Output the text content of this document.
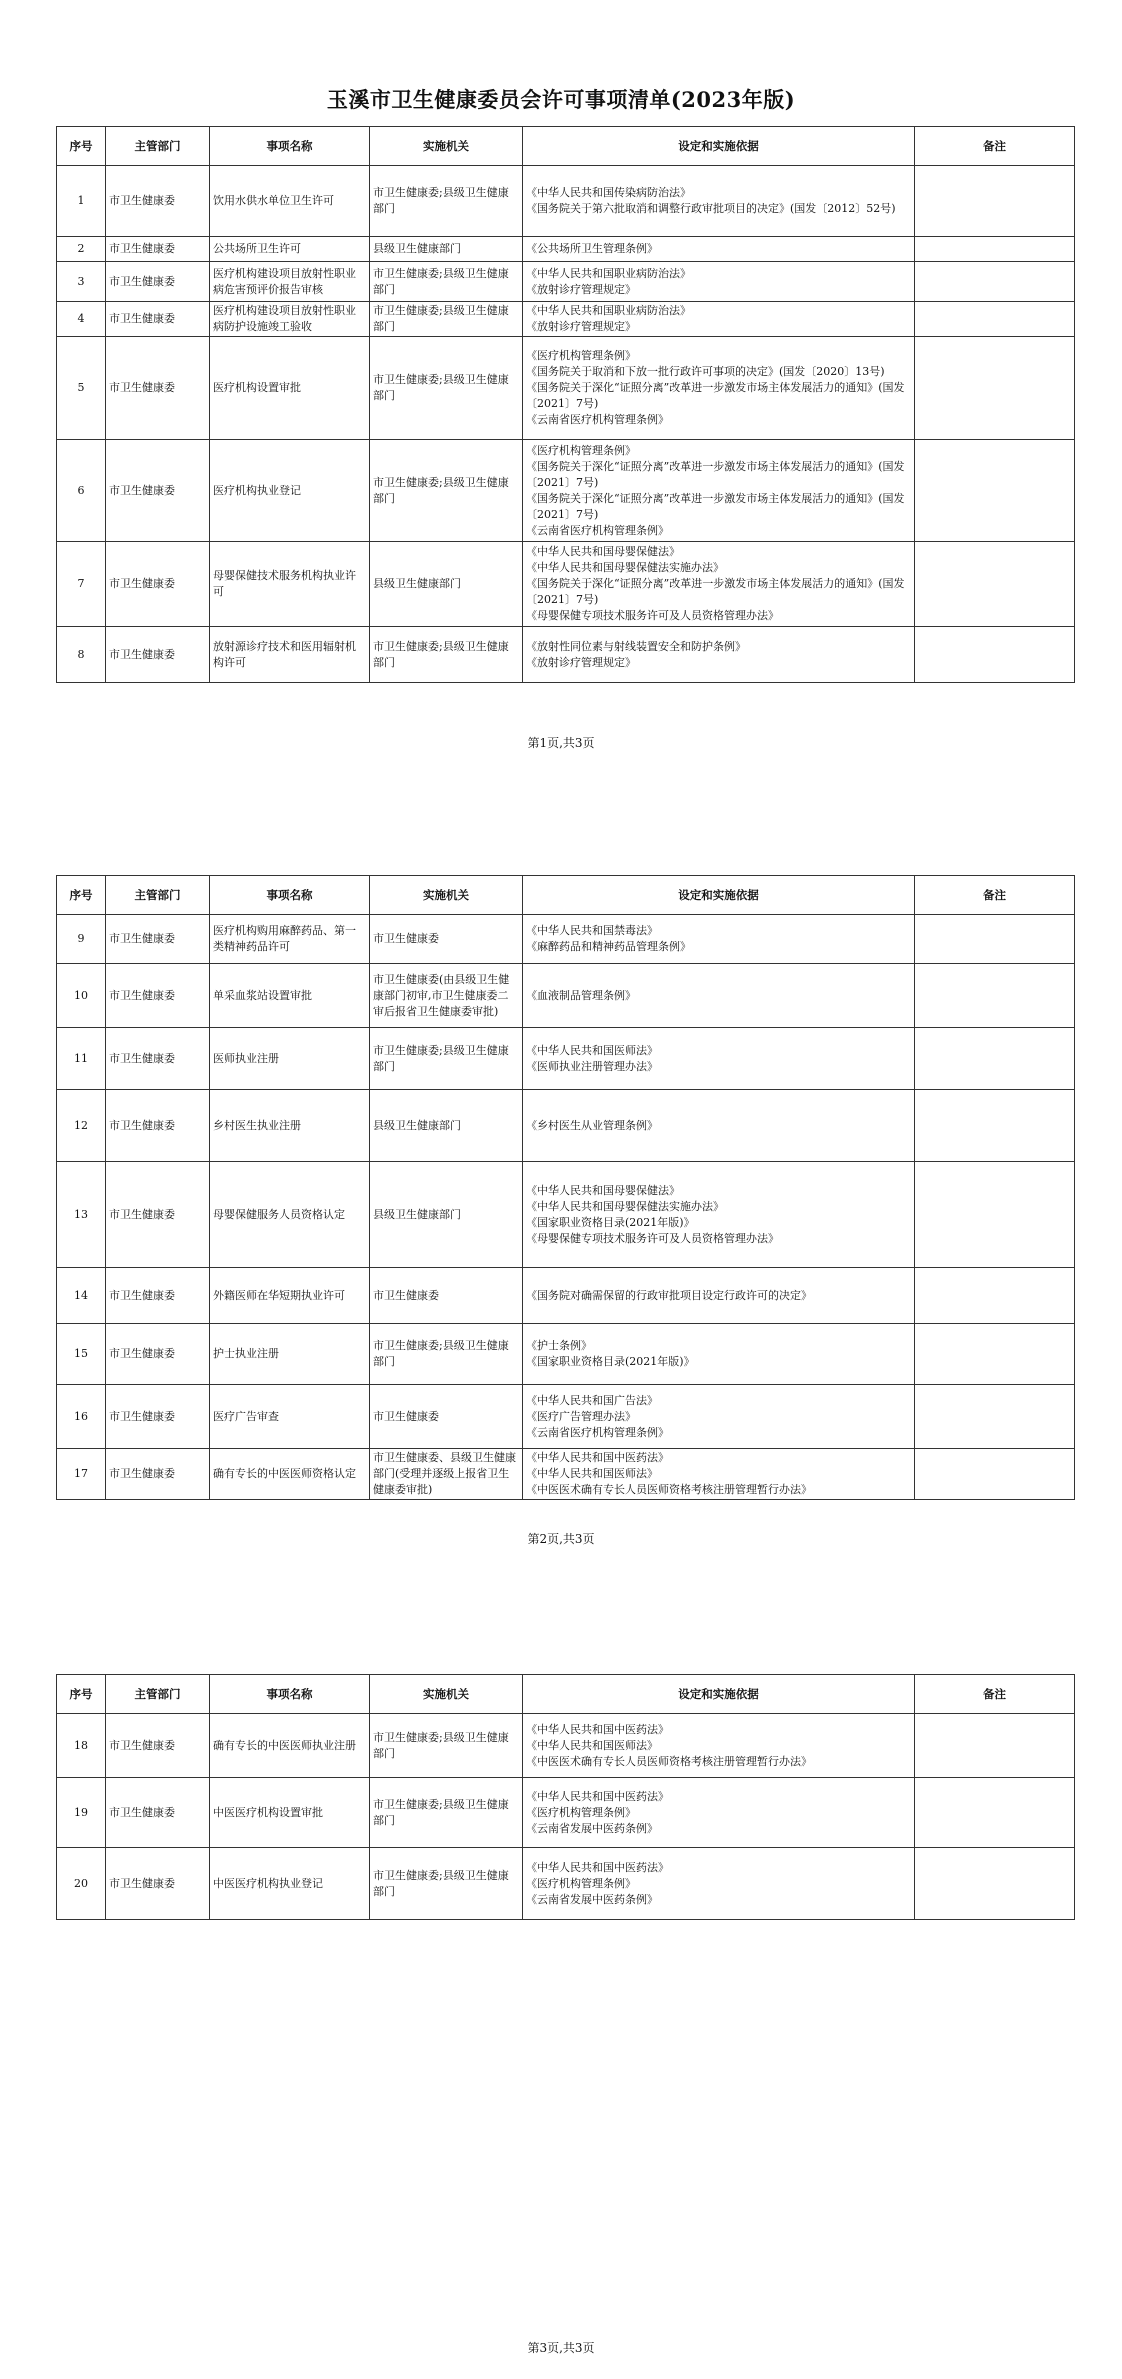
玉溪市卫生健康委员会许可事项清单(2023年版)
序号	主管部门	事项名称	实施机关	设定和实施依据	备注
1	市卫生健康委	饮用水供水单位卫生许可	市卫生健康委;县级卫生健康部门	《中华人民共和国传染病防治法》
《国务院关于第六批取消和调整行政审批项目的决定》(国发〔2012〕52号)	

2	市卫生健康委	公共场所卫生许可	县级卫生健康部门	《公共场所卫生管理条例》	

3	市卫生健康委	医疗机构建设项目放射性职业病危害预评价报告审核	市卫生健康委;县级卫生健康部门	《中华人民共和国职业病防治法》
《放射诊疗管理规定》	

4	市卫生健康委	医疗机构建设项目放射性职业病防护设施竣工验收	市卫生健康委;县级卫生健康部门	《中华人民共和国职业病防治法》
《放射诊疗管理规定》	

5	市卫生健康委	医疗机构设置审批	市卫生健康委;县级卫生健康部门	《医疗机构管理条例》
《国务院关于取消和下放一批行政许可事项的决定》(国发〔2020〕13号)
《国务院关于深化“证照分离”改革进一步激发市场主体发展活力的通知》(国发〔2021〕7号)
《云南省医疗机构管理条例》	

6	市卫生健康委	医疗机构执业登记	市卫生健康委;县级卫生健康部门	《医疗机构管理条例》
《国务院关于深化“证照分离”改革进一步激发市场主体发展活力的通知》(国发〔2021〕7号)
《国务院关于深化“证照分离”改革进一步激发市场主体发展活力的通知》(国发〔2021〕7号)
《云南省医疗机构管理条例》	

7	市卫生健康委	母婴保健技术服务机构执业许可	县级卫生健康部门	《中华人民共和国母婴保健法》
《中华人民共和国母婴保健法实施办法》
《国务院关于深化“证照分离”改革进一步激发市场主体发展活力的通知》(国发〔2021〕7号)
《母婴保健专项技术服务许可及人员资格管理办法》	

8	市卫生健康委	放射源诊疗技术和医用辐射机构许可	市卫生健康委;县级卫生健康部门	《放射性同位素与射线装置安全和防护条例》
《放射诊疗管理规定》	

第1页,共3页
序号	主管部门	事项名称	实施机关	设定和实施依据	备注
9	市卫生健康委	医疗机构购用麻醉药品、第一类精神药品许可	市卫生健康委	《中华人民共和国禁毒法》
《麻醉药品和精神药品管理条例》	

10	市卫生健康委	单采血浆站设置审批	市卫生健康委(由县级卫生健康部门初审,市卫生健康委二审后报省卫生健康委审批)	《血液制品管理条例》	

11	市卫生健康委	医师执业注册	市卫生健康委;县级卫生健康部门	《中华人民共和国医师法》
《医师执业注册管理办法》	

12	市卫生健康委	乡村医生执业注册	县级卫生健康部门	《乡村医生从业管理条例》	

13	市卫生健康委	母婴保健服务人员资格认定	县级卫生健康部门	《中华人民共和国母婴保健法》
《中华人民共和国母婴保健法实施办法》
《国家职业资格目录(2021年版)》
《母婴保健专项技术服务许可及人员资格管理办法》	

14	市卫生健康委	外籍医师在华短期执业许可	市卫生健康委	《国务院对确需保留的行政审批项目设定行政许可的决定》	

15	市卫生健康委	护士执业注册	市卫生健康委;县级卫生健康部门	《护士条例》
《国家职业资格目录(2021年版)》	

16	市卫生健康委	医疗广告审查	市卫生健康委	《中华人民共和国广告法》
《医疗广告管理办法》
《云南省医疗机构管理条例》	

17	市卫生健康委	确有专长的中医医师资格认定	市卫生健康委、县级卫生健康部门(受理并逐级上报省卫生健康委审批)	《中华人民共和国中医药法》
《中华人民共和国医师法》
《中医医术确有专长人员医师资格考核注册管理暂行办法》	

第2页,共3页
序号	主管部门	事项名称	实施机关	设定和实施依据	备注
18	市卫生健康委	确有专长的中医医师执业注册	市卫生健康委;县级卫生健康部门	《中华人民共和国中医药法》
《中华人民共和国医师法》
《中医医术确有专长人员医师资格考核注册管理暂行办法》	

19	市卫生健康委	中医医疗机构设置审批	市卫生健康委;县级卫生健康部门	《中华人民共和国中医药法》
《医疗机构管理条例》
《云南省发展中医药条例》	

20	市卫生健康委	中医医疗机构执业登记	市卫生健康委;县级卫生健康部门	《中华人民共和国中医药法》
《医疗机构管理条例》
《云南省发展中医药条例》	

第3页,共3页
